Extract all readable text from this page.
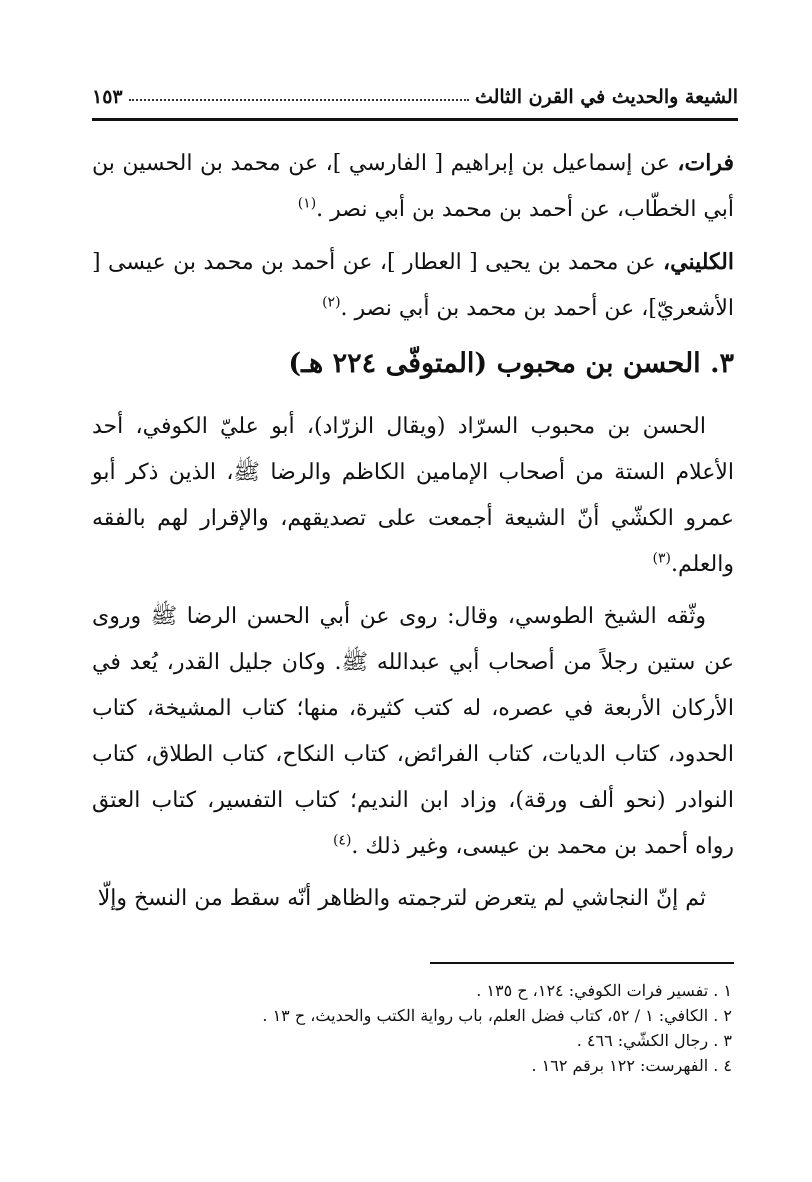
الشيعة والحديث في القرن الثالث
١٥٣

فرات، عن إسماعيل بن إبراهيم [ الفارسي ]، عن محمد بن الحسين بن أبي الخطّاب، عن أحمد بن محمد بن أبي نصر .$^{(١)}$

الكليني، عن محمد بن يحيى [ العطار ]، عن أحمد بن محمد بن عيسى [ الأشعريّ]، عن أحمد بن محمد بن أبي نصر .$^{(٢)}$

٣. الحسن بن محبوب (المتوفّى ٢٢٤ هـ)

الحسن بن محبوب السرّاد (ويقال الزرّاد)، أبو عليّ الكوفي، أحد الأعلام الستة من أصحاب الإمامين الكاظم والرضا ﷺ، الذين ذكر أبو عمرو الكشّي أنّ الشيعة أجمعت على تصديقهم، والإقرار لهم بالفقه والعلم.$^{(٣)}$

وثّقه الشيخ الطوسي، وقال: روى عن أبي الحسن الرضا ﷺ وروى عن ستين رجلاً من أصحاب أبي عبدالله ﷺ. وكان جليل القدر، يُعد في الأركان الأربعة في عصره، له كتب كثيرة، منها؛ كتاب المشيخة، كتاب الحدود، كتاب الديات، كتاب الفرائض، كتاب النكاح، كتاب الطلاق، كتاب النوادر (نحو ألف ورقة)، وزاد ابن النديم؛ كتاب التفسير، كتاب العتق رواه أحمد بن محمد بن عيسى، وغير ذلك .$^{(٤)}$

ثم إنّ النجاشي لم يتعرض لترجمته والظاهر أنّه سقط من النسخ وإلّا

١ . تفسير فرات الكوفي: ١٢٤، ح ١٣٥ .

٢ . الكافي: ١ / ٥٢، كتاب فضل العلم، باب رواية الكتب والحديث، ح ١٣ .

٣ . رجال الكشّي: ٤٦٦ .

٤ . الفهرست: ١٢٢ برقم ١٦٢ .
